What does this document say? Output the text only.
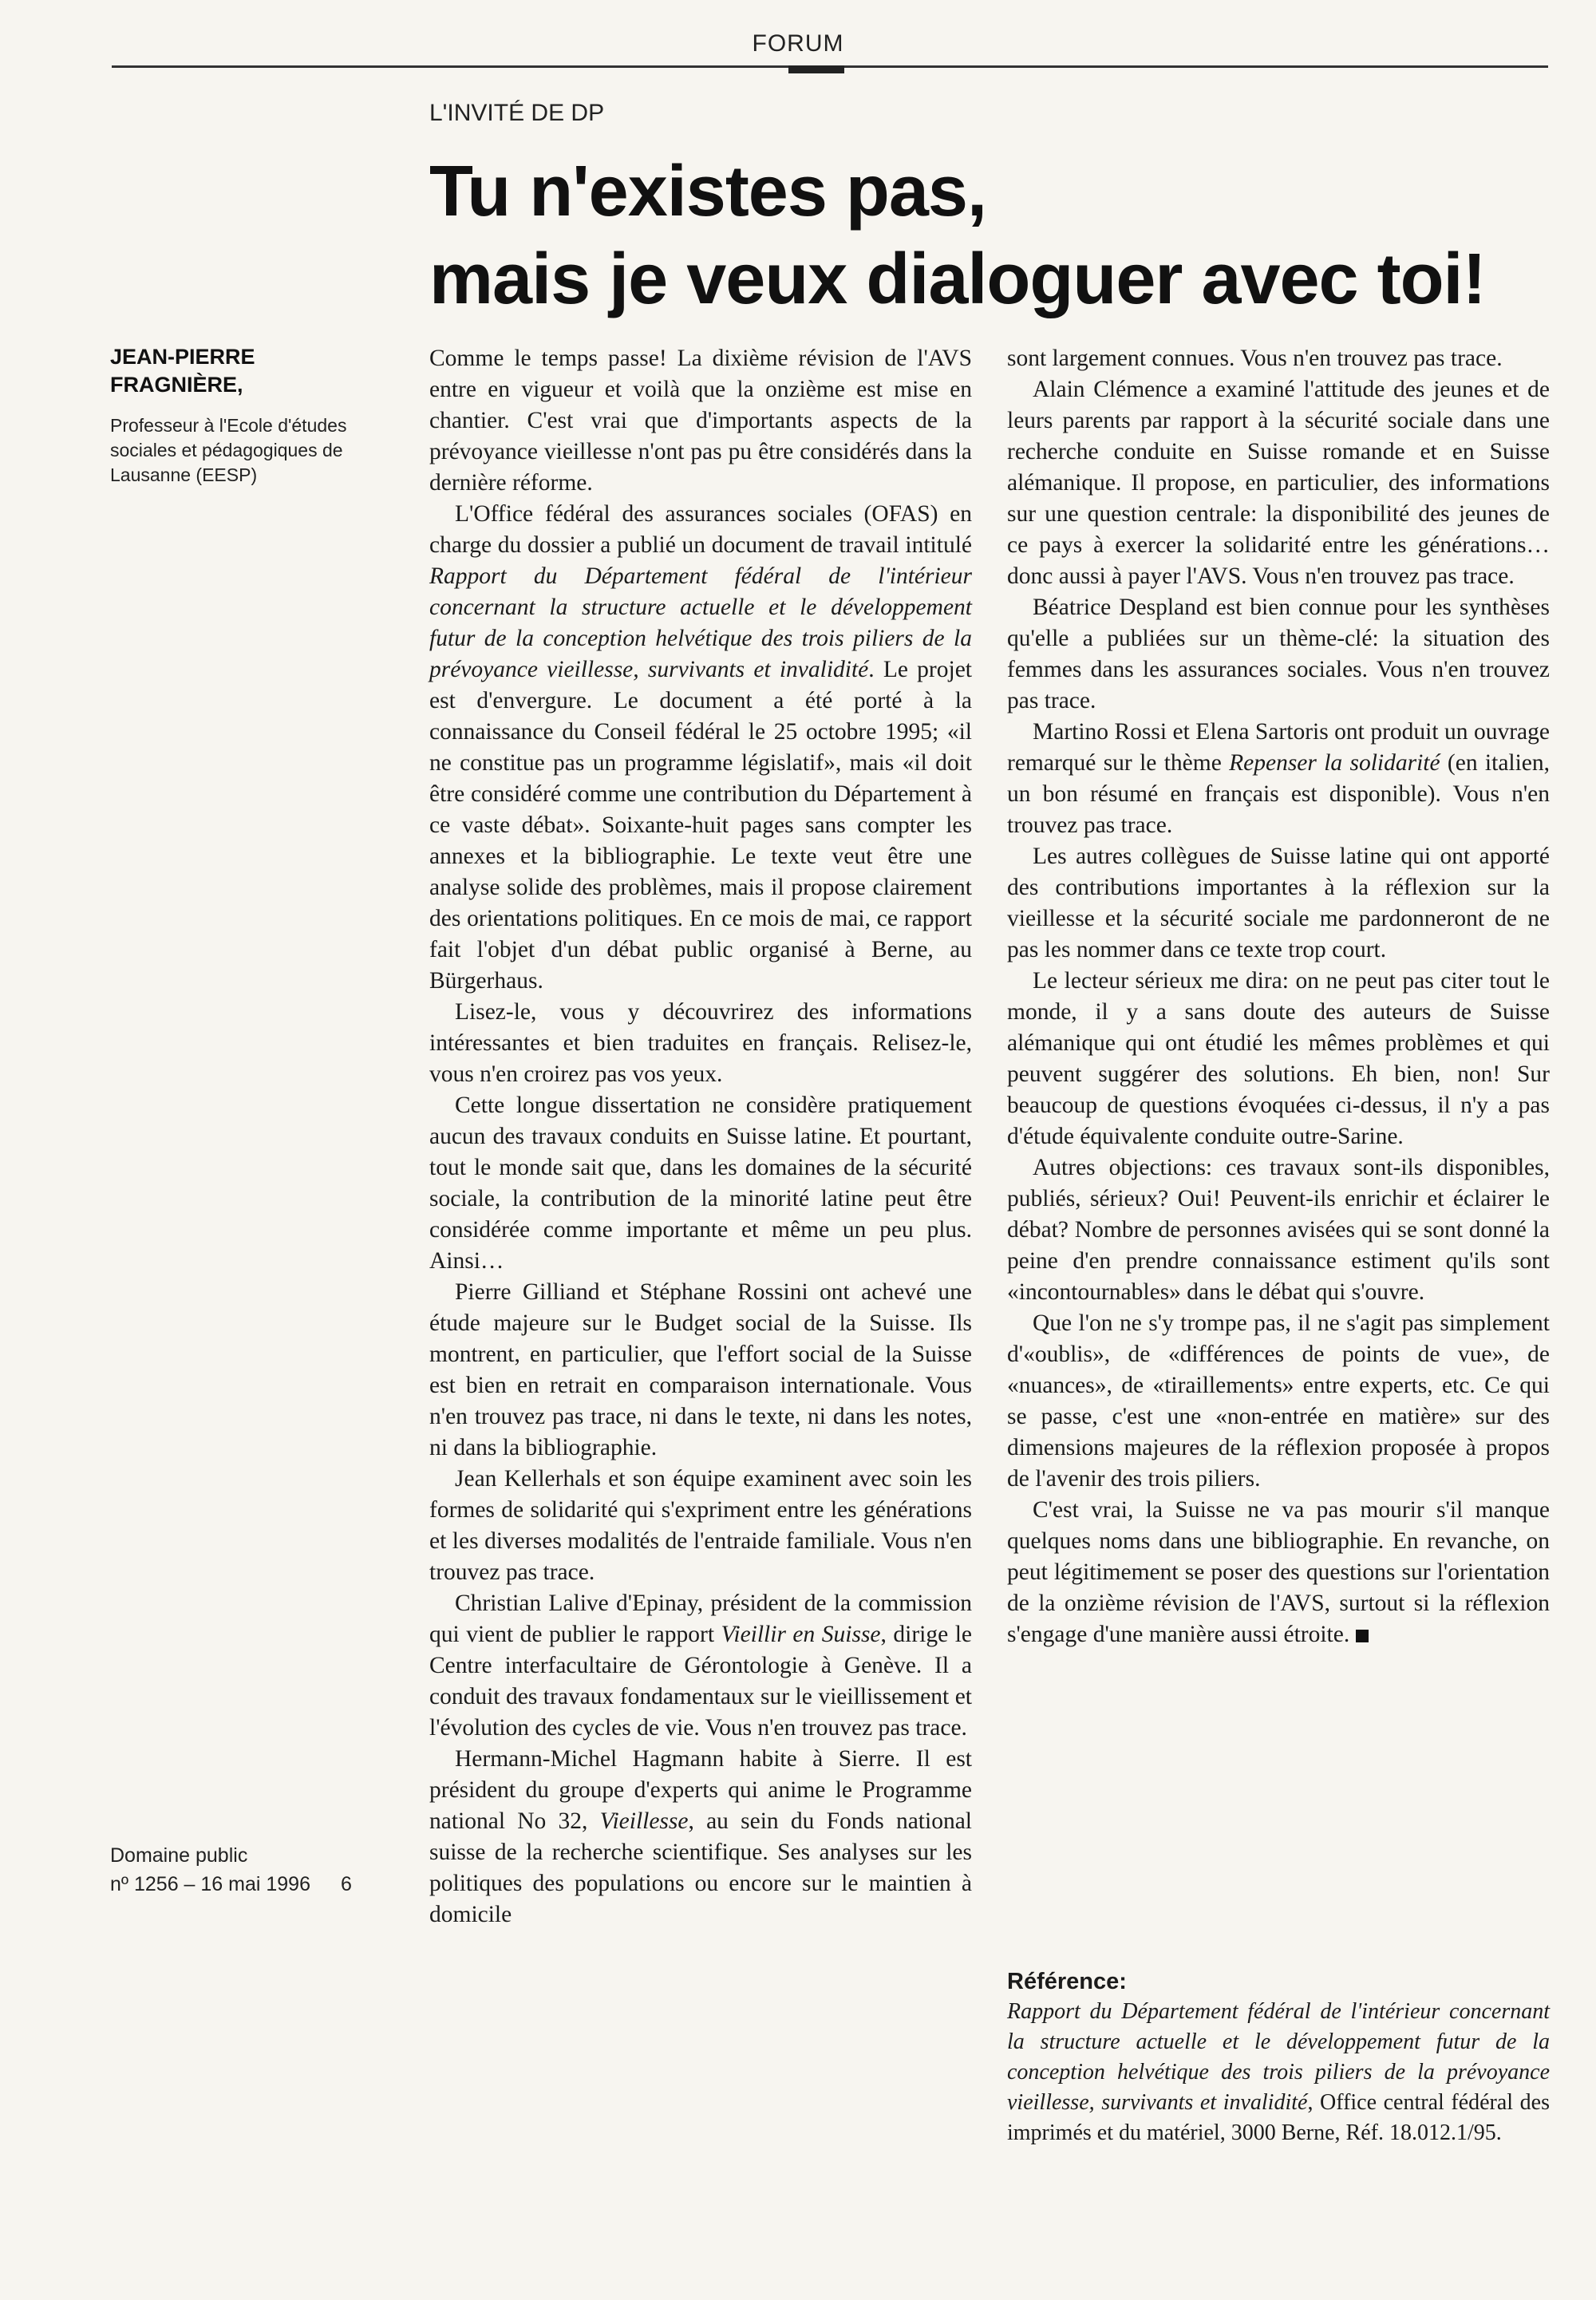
FORUM
L'INVITÉ DE DP
Tu n'existes pas,
mais je veux dialoguer avec toi!
JEAN-PIERRE FRAGNIÈRE,
Professeur à l'Ecole d'études sociales et pédagogiques de Lausanne (EESP)
Domaine public
nº 1256 – 16 mai 1996 6

Comme le temps passe! La dixième révision de l'AVS entre en vigueur et voilà que la onzième est mise en chantier. C'est vrai que d'importants aspects de la prévoyance vieillesse n'ont pas pu être considérés dans la dernière réforme.

L'Office fédéral des assurances sociales (OFAS) en charge du dossier a publié un document de travail intitulé Rapport du Département fédéral de l'intérieur concernant la structure actuelle et le développement futur de la conception helvétique des trois piliers de la prévoyance vieillesse, survivants et invalidité. Le projet est d'envergure. Le document a été porté à la connaissance du Conseil fédéral le 25 octobre 1995; «il ne constitue pas un programme législatif», mais «il doit être considéré comme une contribution du Département à ce vaste débat». Soixante-huit pages sans compter les annexes et la bibliographie. Le texte veut être une analyse solide des problèmes, mais il propose clairement des orientations politiques. En ce mois de mai, ce rapport fait l'objet d'un débat public organisé à Berne, au Bürgerhaus.

Lisez-le, vous y découvrirez des informations intéressantes et bien traduites en français. Relisez-le, vous n'en croirez pas vos yeux.

Cette longue dissertation ne considère pratiquement aucun des travaux conduits en Suisse latine. Et pourtant, tout le monde sait que, dans les domaines de la sécurité sociale, la contribution de la minorité latine peut être considérée comme importante et même un peu plus. Ainsi…

Pierre Gilliand et Stéphane Rossini ont achevé une étude majeure sur le Budget social de la Suisse. Ils montrent, en particulier, que l'effort social de la Suisse est bien en retrait en comparaison internationale. Vous n'en trouvez pas trace, ni dans le texte, ni dans les notes, ni dans la bibliographie.

Jean Kellerhals et son équipe examinent avec soin les formes de solidarité qui s'expriment entre les générations et les diverses modalités de l'entraide familiale. Vous n'en trouvez pas trace.

Christian Lalive d'Epinay, président de la commission qui vient de publier le rapport Vieillir en Suisse, dirige le Centre interfacultaire de Gérontologie à Genève. Il a conduit des travaux fondamentaux sur le vieillissement et l'évolution des cycles de vie. Vous n'en trouvez pas trace.

Hermann-Michel Hagmann habite à Sierre. Il est président du groupe d'experts qui anime le Programme national No 32, Vieillesse, au sein du Fonds national suisse de la recherche scientifique. Ses analyses sur les politiques des populations ou encore sur le maintien à domicile

sont largement connues. Vous n'en trouvez pas trace.

Alain Clémence a examiné l'attitude des jeunes et de leurs parents par rapport à la sécurité sociale dans une recherche conduite en Suisse romande et en Suisse alémanique. Il propose, en particulier, des informations sur une question centrale: la disponibilité des jeunes de ce pays à exercer la solidarité entre les générations… donc aussi à payer l'AVS. Vous n'en trouvez pas trace.

Béatrice Despland est bien connue pour les synthèses qu'elle a publiées sur un thème-clé: la situation des femmes dans les assurances sociales. Vous n'en trouvez pas trace.

Martino Rossi et Elena Sartoris ont produit un ouvrage remarqué sur le thème Repenser la solidarité (en italien, un bon résumé en français est disponible). Vous n'en trouvez pas trace.

Les autres collègues de Suisse latine qui ont apporté des contributions importantes à la réflexion sur la vieillesse et la sécurité sociale me pardonneront de ne pas les nommer dans ce texte trop court.

Le lecteur sérieux me dira: on ne peut pas citer tout le monde, il y a sans doute des auteurs de Suisse alémanique qui ont étudié les mêmes problèmes et qui peuvent suggérer des solutions. Eh bien, non! Sur beaucoup de questions évoquées ci-dessus, il n'y a pas d'étude équivalente conduite outre-Sarine.

Autres objections: ces travaux sont-ils disponibles, publiés, sérieux? Oui! Peuvent-ils enrichir et éclairer le débat? Nombre de personnes avisées qui se sont donné la peine d'en prendre connaissance estiment qu'ils sont «incontournables» dans le débat qui s'ouvre.

Que l'on ne s'y trompe pas, il ne s'agit pas simplement d'«oublis», de «différences de points de vue», de «nuances», de «tiraillements» entre experts, etc. Ce qui se passe, c'est une «non-entrée en matière» sur des dimensions majeures de la réflexion proposée à propos de l'avenir des trois piliers.

C'est vrai, la Suisse ne va pas mourir s'il manque quelques noms dans une bibliographie. En revanche, on peut légitimement se poser des questions sur l'orientation de la onzième révision de l'AVS, surtout si la réflexion s'engage d'une manière aussi étroite.

Référence:
Rapport du Département fédéral de l'intérieur concernant la structure actuelle et le développement futur de la conception helvétique des trois piliers de la prévoyance vieillesse, survivants et invalidité, Office central fédéral des imprimés et du matériel, 3000 Berne, Réf. 18.012.1/95.
